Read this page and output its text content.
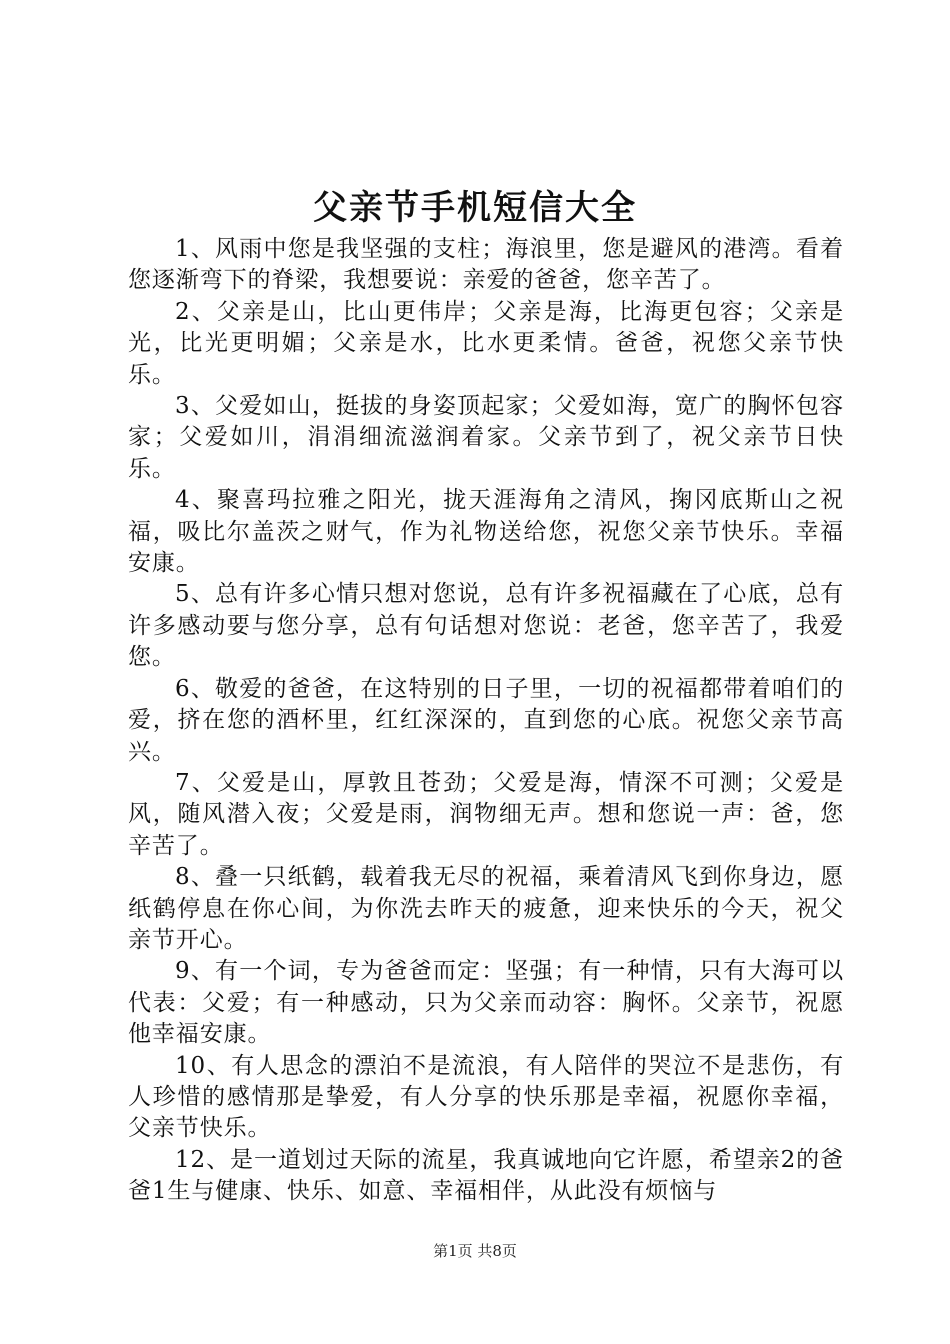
父亲节手机短信大全

1、风雨中您是我坚强的支柱；海浪里，您是避风的港湾。看着您逐渐弯下的脊梁，我想要说：亲爱的爸爸，您辛苦了。

2、父亲是山，比山更伟岸；父亲是海，比海更包容；父亲是光，比光更明媚；父亲是水，比水更柔情。爸爸，祝您父亲节快乐。

3、父爱如山，挺拔的身姿顶起家；父爱如海，宽广的胸怀包容家；父爱如川，涓涓细流滋润着家。父亲节到了，祝父亲节日快乐。

4、聚喜玛拉雅之阳光，拢天涯海角之清风，掬冈底斯山之祝福，吸比尔盖茨之财气，作为礼物送给您，祝您父亲节快乐。幸福安康。

5、总有许多心情只想对您说，总有许多祝福藏在了心底，总有许多感动要与您分享，总有句话想对您说：老爸，您辛苦了，我爱您。

6、敬爱的爸爸，在这特别的日子里，一切的祝福都带着咱们的爱，挤在您的酒杯里，红红深深的，直到您的心底。祝您父亲节高兴。

7、父爱是山，厚敦且苍劲；父爱是海，情深不可测；父爱是风，随风潜入夜；父爱是雨，润物细无声。想和您说一声：爸，您辛苦了。

8、叠一只纸鹤，载着我无尽的祝福，乘着清风飞到你身边，愿纸鹤停息在你心间，为你洗去昨天的疲惫，迎来快乐的今天，祝父亲节开心。

9、有一个词，专为爸爸而定：坚强；有一种情，只有大海可以代表：父爱；有一种感动，只为父亲而动容：胸怀。父亲节，祝愿他幸福安康。

10、有人思念的漂泊不是流浪，有人陪伴的哭泣不是悲伤，有人珍惜的感情那是挚爱，有人分享的快乐那是幸福，祝愿你幸福，父亲节快乐。

12、是一道划过天际的流星，我真诚地向它许愿，希望亲2的爸爸1生与健康、快乐、如意、幸福相伴，从此没有烦恼与

第1页 共8页
